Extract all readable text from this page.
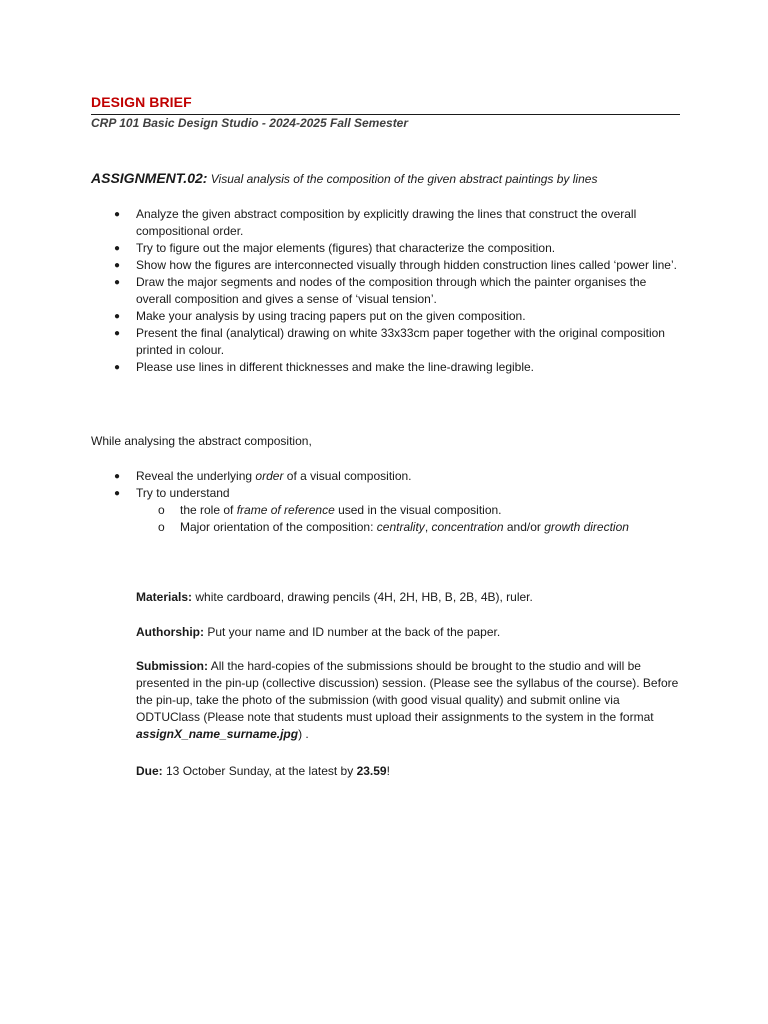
DESIGN BRIEF
CRP 101 Basic Design Studio - 2024-2025 Fall Semester
ASSIGNMENT.02: Visual analysis of the composition of the given abstract paintings by lines
● Analyze the given abstract composition by explicitly drawing the lines that construct the overall compositional order.
● Try to figure out the major elements (figures) that characterize the composition.
● Show how the figures are interconnected visually through hidden construction lines called ‘power line’.
● Draw the major segments and nodes of the composition through which the painter organises the overall composition and gives a sense of ‘visual tension’.
● Make your analysis by using tracing papers put on the given composition.
● Present the final (analytical) drawing on white 33x33cm paper together with the original composition printed in colour.
● Please use lines in different thicknesses and make the line-drawing legible.
While analysing the abstract composition,
● Reveal the underlying order of a visual composition.
● Try to understand
o the role of frame of reference used in the visual composition.
o Major orientation of the composition: centrality, concentration and/or growth direction
Materials: white cardboard, drawing pencils (4H, 2H, HB, B, 2B, 4B), ruler.
Authorship: Put your name and ID number at the back of the paper.
Submission: All the hard-copies of the submissions should be brought to the studio and will be presented in the pin-up (collective discussion) session. (Please see the syllabus of the course). Before the pin-up, take the photo of the submission (with good visual quality) and submit online via ODTUClass (Please note that students must upload their assignments to the system in the format assignX_name_surname.jpg) .
Due: 13 October Sunday, at the latest by 23.59!
